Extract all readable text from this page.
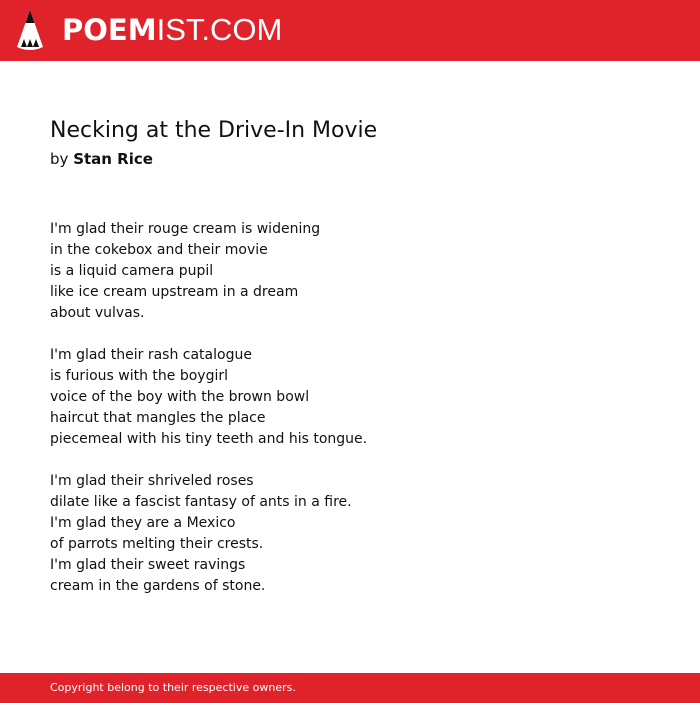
POEMIST.COM
Necking at the Drive-In Movie
by Stan Rice
I'm glad their rouge cream is widening
in the cokebox and their movie
is a liquid camera pupil
like ice cream upstream in a dream
about vulvas.
I'm glad their rash catalogue
is furious with the boygirl
voice of the boy with the brown bowl
haircut that mangles the place
piecemeal with his tiny teeth and his tongue.
I'm glad their shriveled roses
dilate like a fascist fantasy of ants in a fire.
I'm glad they are a Mexico
of parrots melting their crests.
I'm glad their sweet ravings
cream in the gardens of stone.
Copyright belong to their respective owners.
